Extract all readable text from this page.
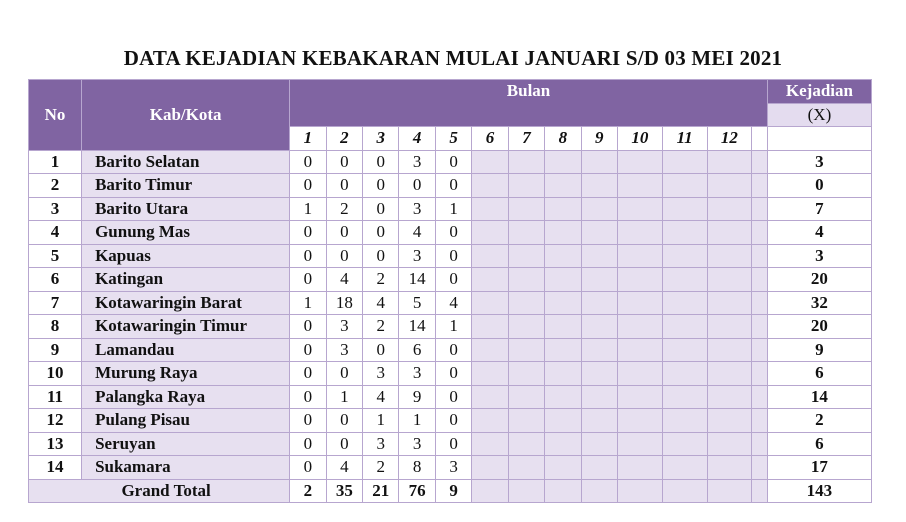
DATA KEJADIAN KEBAKARAN MULAI JANUARI S/D 03 MEI 2021
No	Kab/Kota	Bulan													Kejadian
															(X)
		1	2	3	4	5	6	7	8	9	10	11	12		
1	Barito Selatan	0	0	0	3	0									3
2	Barito Timur	0	0	0	0	0									0
3	Barito Utara	1	2	0	3	1									7
4	Gunung Mas	0	0	0	4	0									4
5	Kapuas	0	0	0	3	0									3
6	Katingan	0	4	2	14	0									20
7	Kotawaringin Barat	1	18	4	5	4									32
8	Kotawaringin Timur	0	3	2	14	1									20
9	Lamandau	0	3	0	6	0									9
10	Murung Raya	0	0	3	3	0									6
11	Palangka Raya	0	1	4	9	0									14
12	Pulang Pisau	0	0	1	1	0									2
13	Seruyan	0	0	3	3	0									6
14	Sukamara	0	4	2	8	3									17
Grand Total		2	35	21	76	9									143
